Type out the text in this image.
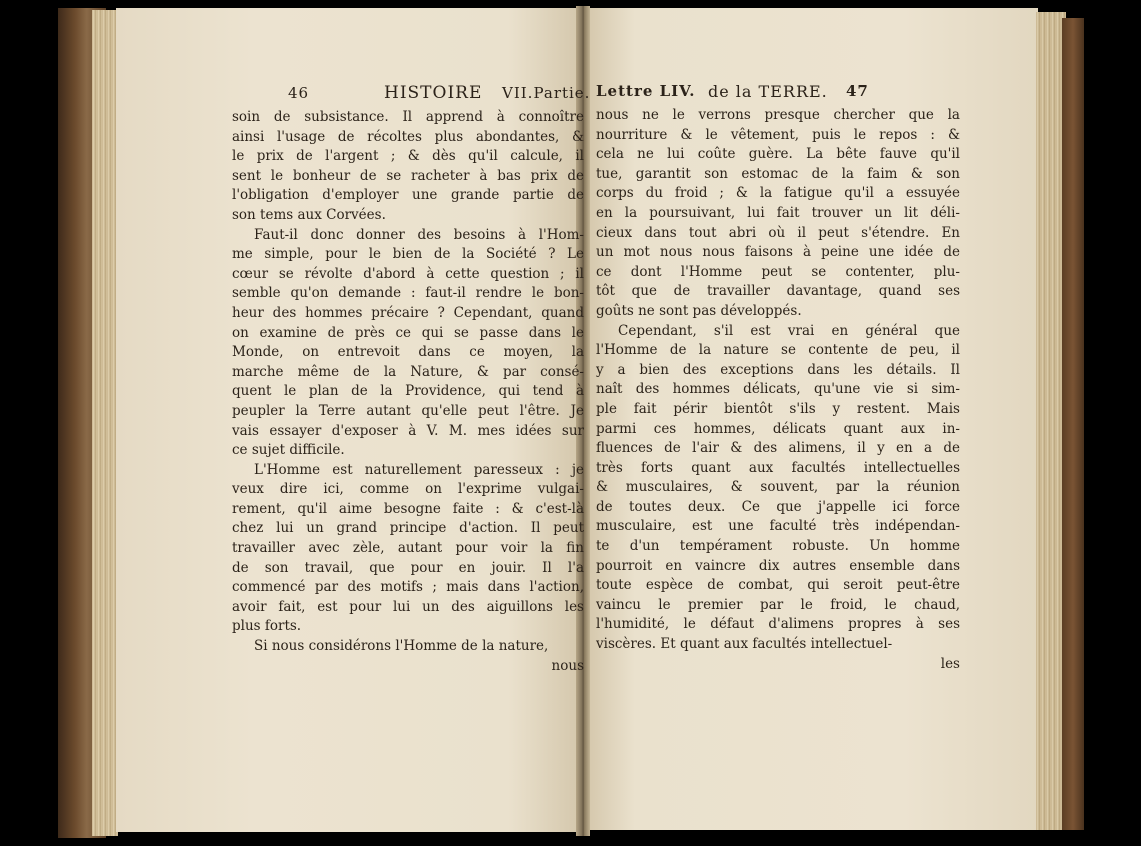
46	HISTOIRE VII.Partie.
soin de subsistance. Il apprend à connoître
ainsi l'usage de récoltes plus abondantes, &
le prix de l'argent ; & dès qu'il calcule, il
sent le bonheur de se racheter à bas prix de
l'obligation d'employer une grande partie de
son tems aux Corvées.
Faut-il donc donner des besoins à l'Hom-
me simple, pour le bien de la Société ? Le
cœur se révolte d'abord à cette question ; il
semble qu'on demande : faut-il rendre le bon-
heur des hommes précaire ? Cependant, quand
on examine de près ce qui se passe dans le
Monde, on entrevoit dans ce moyen, la
marche même de la Nature, & par consé-
quent le plan de la Providence, qui tend à
peupler la Terre autant qu'elle peut l'être. Je
vais essayer d'exposer à V. M. mes idées sur
ce sujet difficile.
L'Homme est naturellement paresseux : je
veux dire ici, comme on l'exprime vulgai-
rement, qu'il aime besogne faite : & c'est-là
chez lui un grand principe d'action. Il peut
travailler avec zèle, autant pour voir la fin
de son travail, que pour en jouir. Il l'a
commencé par des motifs ; mais dans l'action,
avoir fait, est pour lui un des aiguillons les
plus forts.
Si nous considérons l'Homme de la nature,
nous
Lettre LIV. de la TERRE. 47
nous ne le verrons presque chercher que la
nourriture & le vêtement, puis le repos : &
cela ne lui coûte guère. La bête fauve qu'il
tue, garantit son estomac de la faim & son
corps du froid ; & la fatigue qu'il a essuyée
en la poursuivant, lui fait trouver un lit déli-
cieux dans tout abri où il peut s'étendre. En
un mot nous nous faisons à peine une idée de
ce dont l'Homme peut se contenter, plu-
tôt que de travailler davantage, quand ses
goûts ne sont pas développés.
Cependant, s'il est vrai en général que
l'Homme de la nature se contente de peu, il
y a bien des exceptions dans les détails. Il
naît des hommes délicats, qu'une vie si sim-
ple fait périr bientôt s'ils y restent. Mais
parmi ces hommes, délicats quant aux in-
fluences de l'air & des alimens, il y en a de
très forts quant aux facultés intellectuelles
& musculaires, & souvent, par la réunion
de toutes deux. Ce que j'appelle ici force
musculaire, est une faculté très indépendan-
te d'un tempérament robuste. Un homme
pourroit en vaincre dix autres ensemble dans
toute espèce de combat, qui seroit peut-être
vaincu le premier par le froid, le chaud,
l'humidité, le défaut d'alimens propres à ses
viscères. Et quant aux facultés intellectuel-
les
